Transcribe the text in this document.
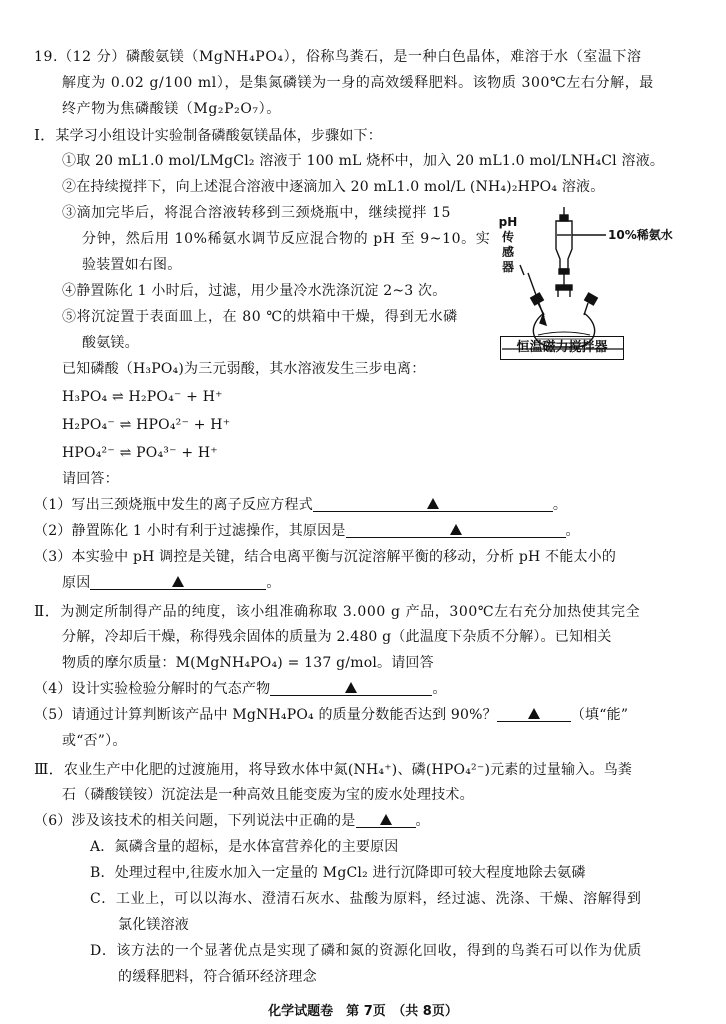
19.（12 分）磷酸氨镁（MgNH₄PO₄），俗称鸟粪石，是一种白色晶体，难溶于水（室温下溶
解度为 0.02 g/100 ml），是集氮磷镁为一身的高效缓释肥料。该物质 300℃左右分解，最
终产物为焦磷酸镁（Mg₂P₂O₇）。
Ⅰ．某学习小组设计实验制备磷酸氨镁晶体，步骤如下：
①取 20 mL1.0 mol/LMgCl₂ 溶液于 100 mL 烧杯中，加入 20 mL1.0 mol/LNH₄Cl 溶液。
②在持续搅拌下，向上述混合溶液中逐滴加入 20 mL1.0 mol/L (NH₄)₂HPO₄ 溶液。
③滴加完毕后，将混合溶液转移到三颈烧瓶中，继续搅拌 15
分钟，然后用 10%稀氨水调节反应混合物的 pH 至 9~10。实
验装置如右图。
④静置陈化 1 小时后，过滤，用少量冷水洗涤沉淀 2~3 次。
⑤将沉淀置于表面皿上，在 80 ℃的烘箱中干燥，得到无水磷
酸氨镁。
pH
传
感
器
10%稀氨水
恒温磁力搅拌器
已知磷酸（H₃PO₄)为三元弱酸，其水溶液发生三步电离：
H₃PO₄ ⇌ H₂PO₄⁻ + H⁺
H₂PO₄⁻ ⇌ HPO₄²⁻ + H⁺
HPO₄²⁻ ⇌ PO₄³⁻ + H⁺
请回答：
（1）写出三颈烧瓶中发生的离子反应方程式	。
（2）静置陈化 1 小时有利于过滤操作，其原因是	。
（3）本实验中 pH 调控是关键，结合电离平衡与沉淀溶解平衡的移动，分析 pH 不能太小的
原因	。
Ⅱ．为测定所制得产品的纯度，该小组准确称取 3.000 g 产品，300℃左右充分加热使其完全
分解，冷却后干燥，称得残余固体的质量为 2.480 g（此温度下杂质不分解）。已知相关
物质的摩尔质量：M(MgNH₄PO₄) = 137 g/mol。请回答
（4）设计实验检验分解时的气态产物	。
（5）请通过计算判断该产品中 MgNH₄PO₄ 的质量分数能否达到 90%？	（填“能”
或“否”）。
Ⅲ．农业生产中化肥的过渡施用，将导致水体中氮(NH₄⁺)、磷(HPO₄²⁻)元素的过量输入。鸟粪
石（磷酸镁铵）沉淀法是一种高效且能变废为宝的废水处理技术。
（6）涉及该技术的相关问题，下列说法中正确的是	。
A．氮磷含量的超标，是水体富营养化的主要原因
B．处理过程中,往废水加入一定量的 MgCl₂ 进行沉降即可较大程度地除去氨磷
C．工业上，可以以海水、澄清石灰水、盐酸为原料，经过滤、洗涤、干燥、溶解得到
氯化镁溶液
D．该方法的一个显著优点是实现了磷和氮的资源化回收，得到的鸟粪石可以作为优质
的缓释肥料，符合循环经济理念
化学试题卷　第 7页　（共 8页）
